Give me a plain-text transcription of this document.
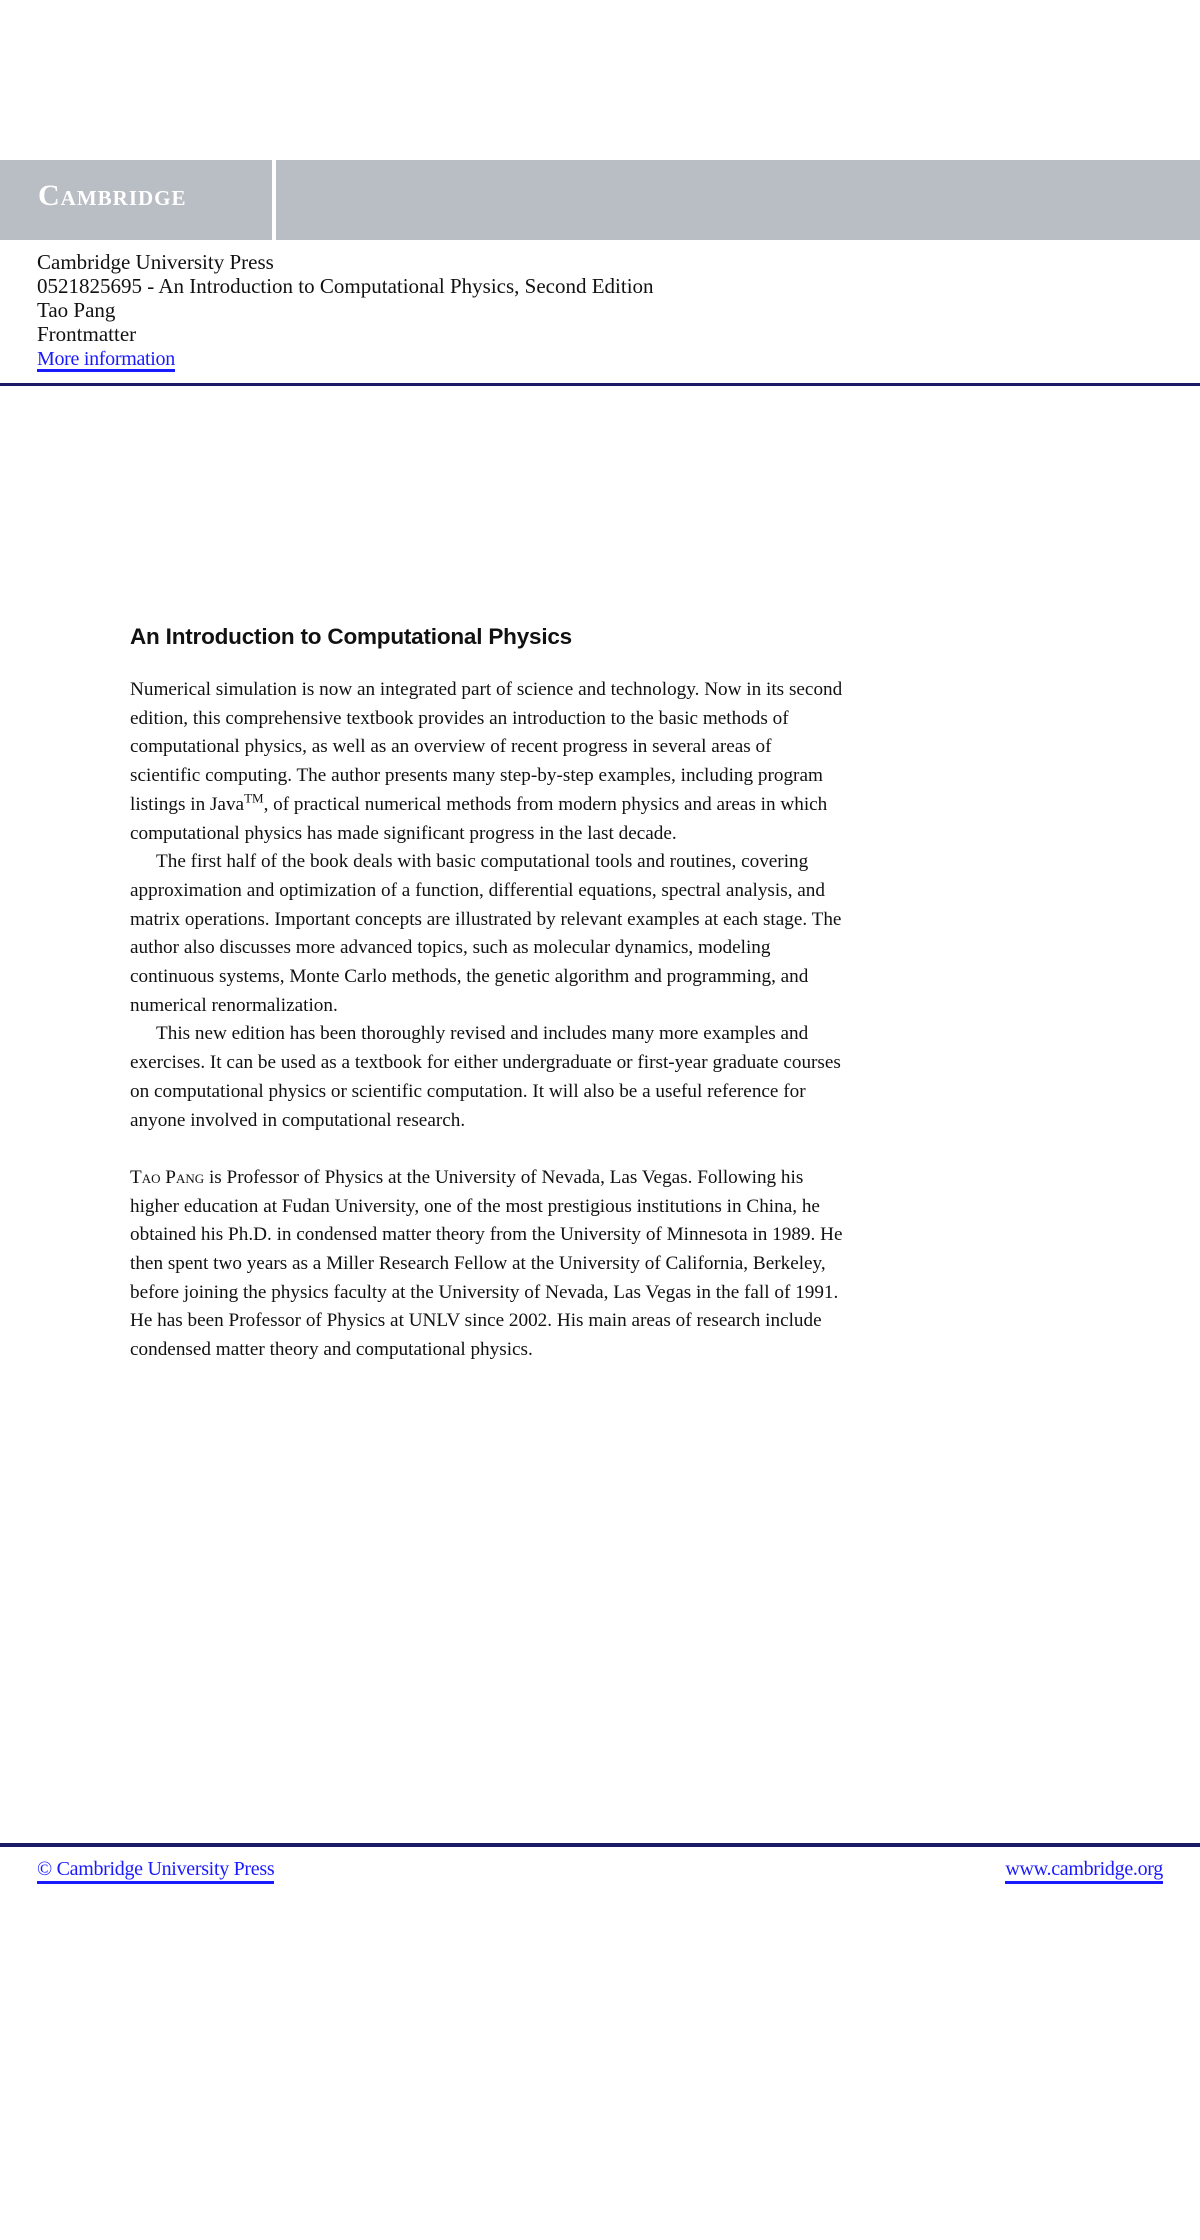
Cambridge
Cambridge University Press
0521825695 - An Introduction to Computational Physics, Second Edition
Tao Pang
Frontmatter
More information
An Introduction to Computational Physics

Numerical simulation is now an integrated part of science and technology. Now in its second edition, this comprehensive textbook provides an introduction to the basic methods of computational physics, as well as an overview of recent progress in several areas of scientific computing. The author presents many step-by-step examples, including program listings in Java™, of practical numerical methods from modern physics and areas in which computational physics has made significant progress in the last decade.

The first half of the book deals with basic computational tools and routines, covering approximation and optimization of a function, differential equations, spectral analysis, and matrix operations. Important concepts are illustrated by relevant examples at each stage. The author also discusses more advanced topics, such as molecular dynamics, modeling continuous systems, Monte Carlo methods, the genetic algorithm and programming, and numerical renormalization.

This new edition has been thoroughly revised and includes many more examples and exercises. It can be used as a textbook for either undergraduate or first-year graduate courses on computational physics or scientific computation. It will also be a useful reference for anyone involved in computational research.

Tao Pang is Professor of Physics at the University of Nevada, Las Vegas. Following his higher education at Fudan University, one of the most prestigious institutions in China, he obtained his Ph.D. in condensed matter theory from the University of Minnesota in 1989. He then spent two years as a Miller Research Fellow at the University of California, Berkeley, before joining the physics faculty at the University of Nevada, Las Vegas in the fall of 1991. He has been Professor of Physics at UNLV since 2002. His main areas of research include condensed matter theory and computational physics.

© Cambridge University Press	www.cambridge.org
